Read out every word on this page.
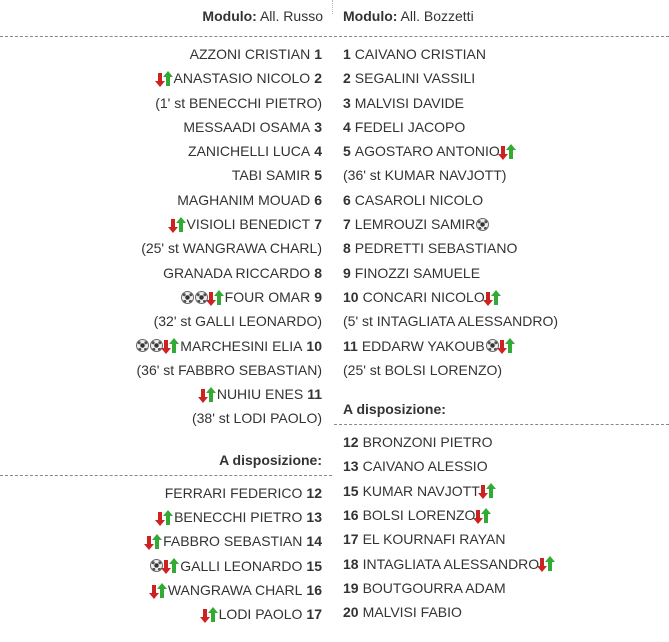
Modulo: All. Russo
AZZONI CRISTIAN 1
ANASTASIO NICOLO 2
(1' st BENECCHI PIETRO)
MESSAADI OSAMA 3
ZANICHELLI LUCA 4
TABI SAMIR 5
MAGHANIM MOUAD 6
VISIOLI BENEDICT 7
(25' st WANGRAWA CHARL)
GRANADA RICCARDO 8
FOUR OMAR 9
(32' st GALLI LEONARDO)
MARCHESINI ELIA 10
(36' st FABBRO SEBASTIAN)
NUHIU ENES 11
(38' st LODI PAOLO)
A disposizione:
FERRARI FEDERICO 12
BENECCHI PIETRO 13
FABBRO SEBASTIAN 14
GALLI LEONARDO 15
WANGRAWA CHARL 16
LODI PAOLO 17
Modulo: All. Bozzetti
1 CAIVANO CRISTIAN
2 SEGALINI VASSILI
3 MALVISI DAVIDE
4 FEDELI JACOPO
5 AGOSTARO ANTONIO
(36' st KUMAR NAVJOTT)
6 CASAROLI NICOLO
7 LEMROUZI SAMIR
8 PEDRETTI SEBASTIANO
9 FINOZZI SAMUELE
10 CONCARI NICOLO
(5' st INTAGLIATA ALESSANDRO)
11 EDDARW YAKOUB
(25' st BOLSI LORENZO)
A disposizione:
12 BRONZONI PIETRO
13 CAIVANO ALESSIO
15 KUMAR NAVJOTT
16 BOLSI LORENZO
17 EL KOURNAFI RAYAN
18 INTAGLIATA ALESSANDRO
19 BOUTGOURRA ADAM
20 MALVISI FABIO
